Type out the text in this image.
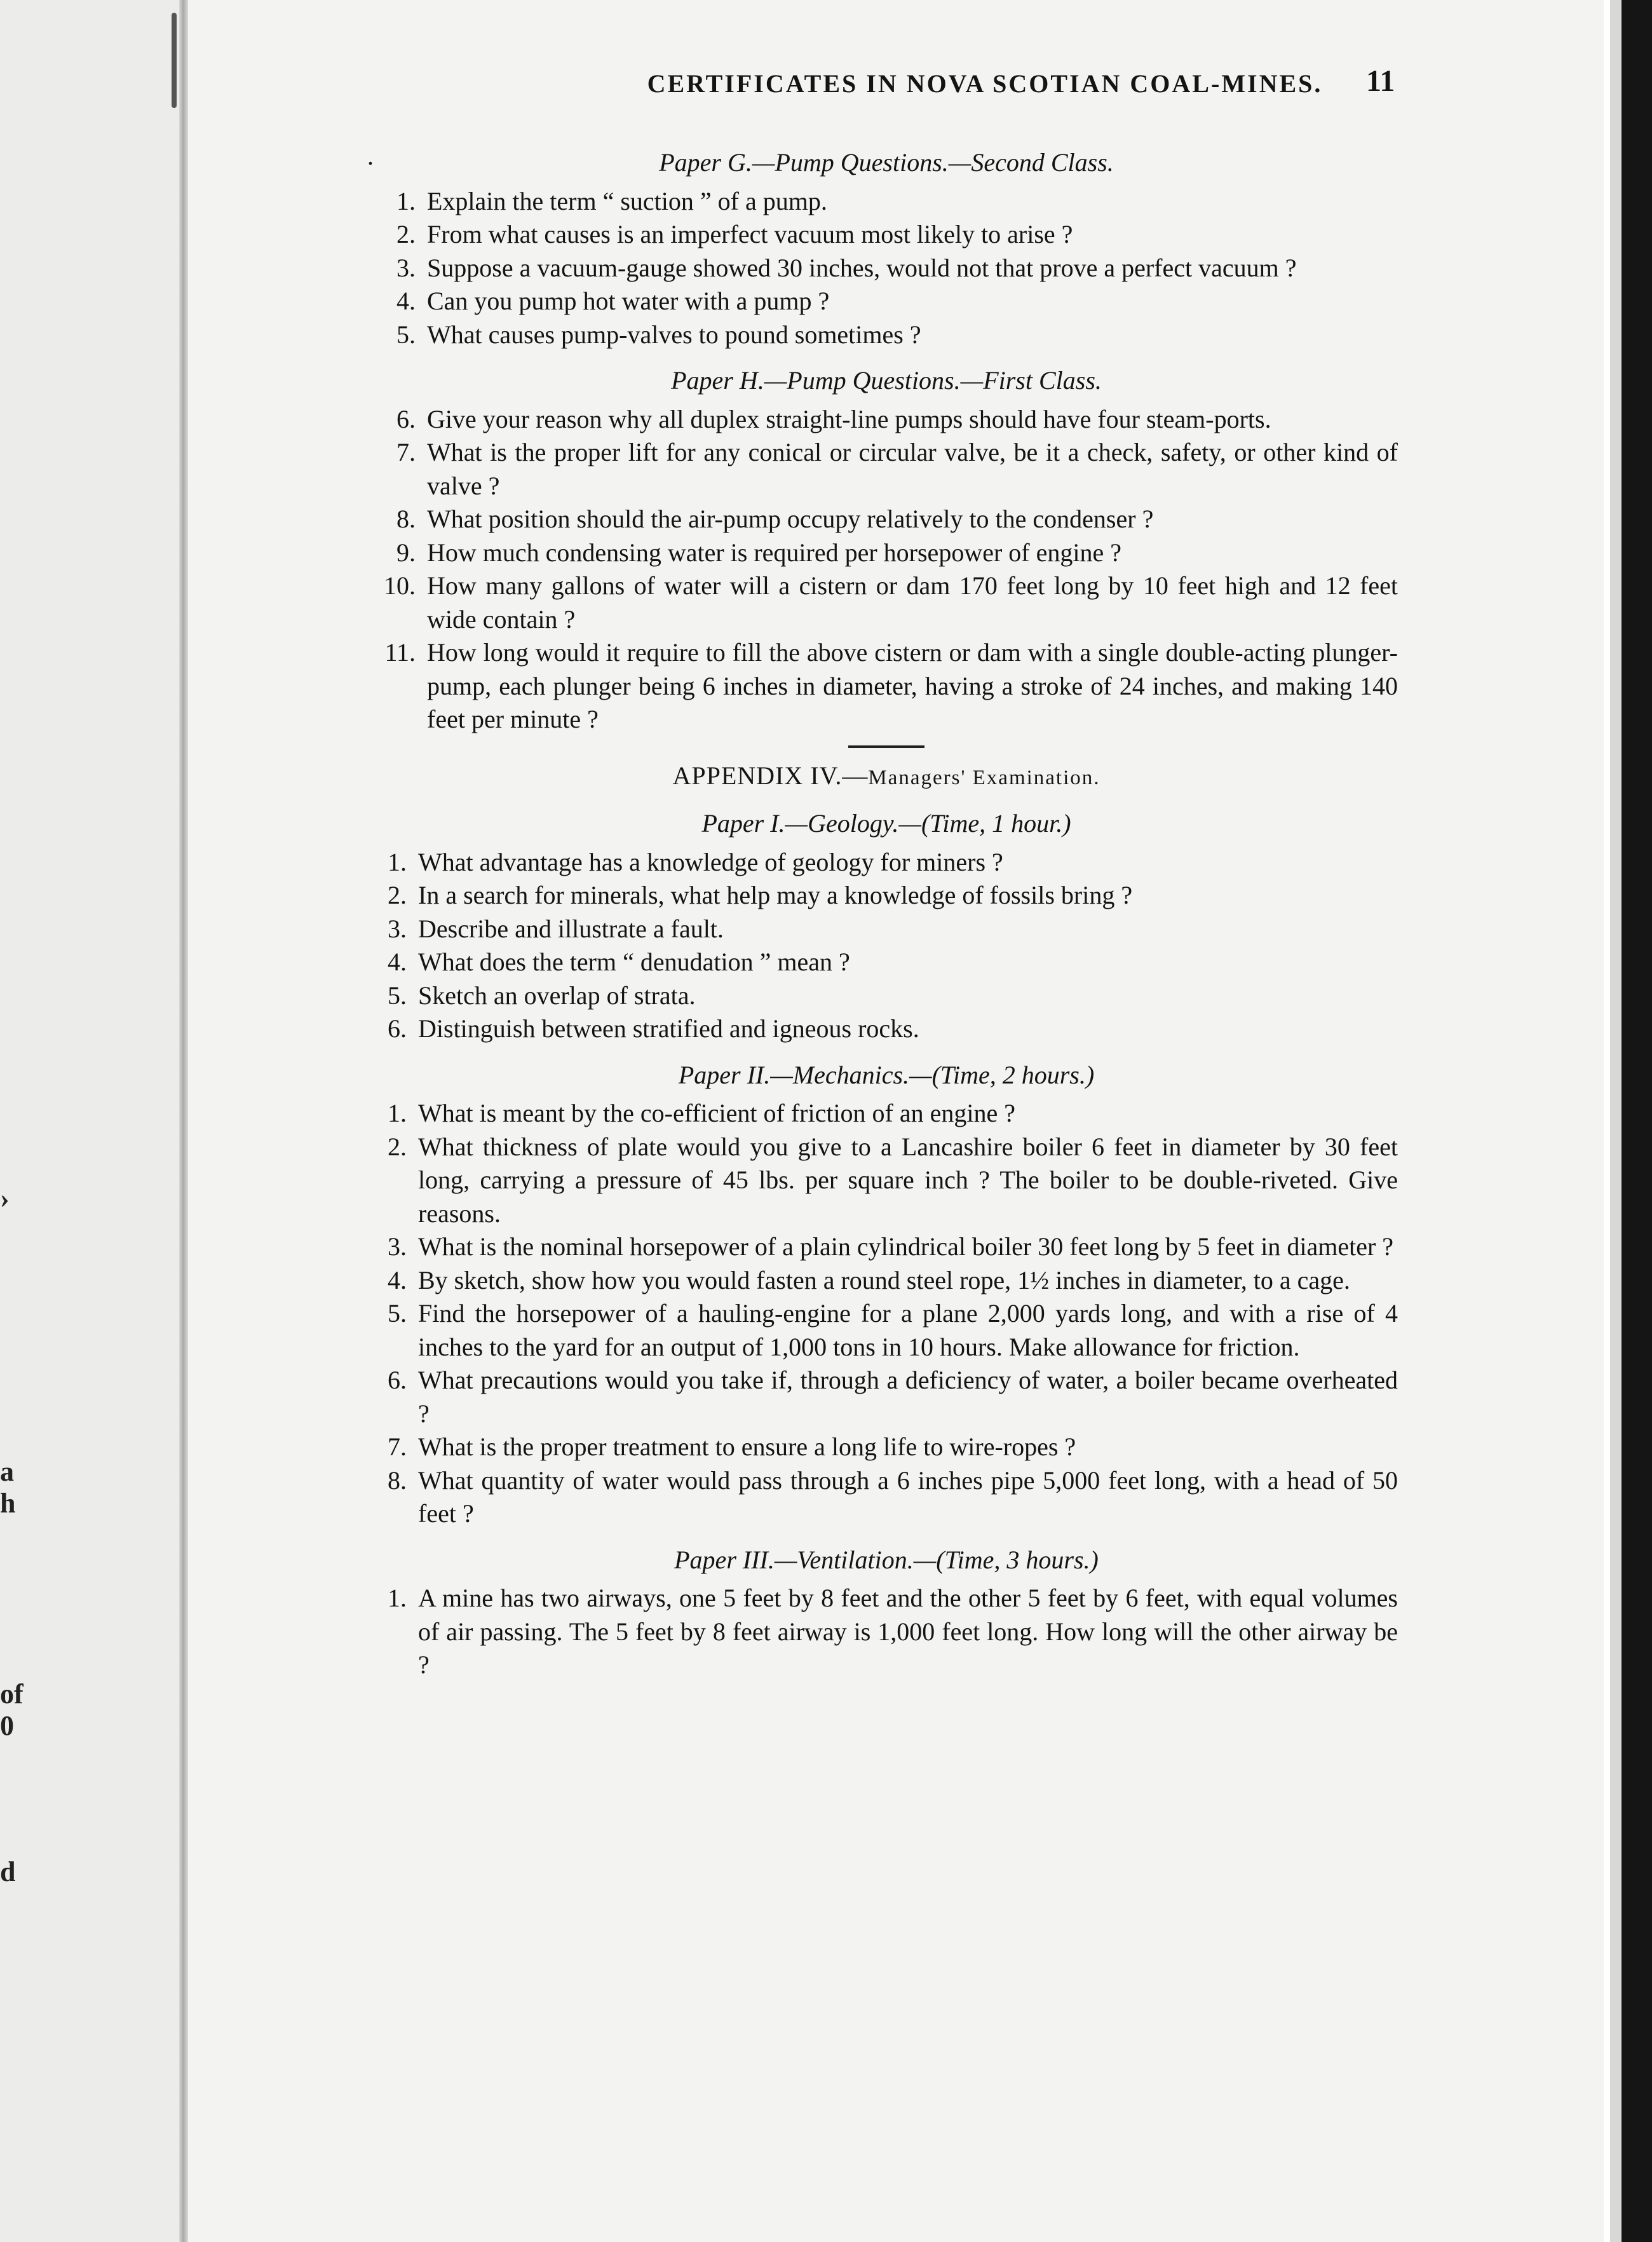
›
a
h
of
0
d
CERTIFICATES IN NOVA SCOTIAN COAL-MINES.	11
.	Paper G.—Pump Questions.—Second Class.
1. Explain the term “ suction ” of a pump.
2. From what causes is an imperfect vacuum most likely to arise ?
3. Suppose a vacuum-gauge showed 30 inches, would not that prove a perfect vacuum ?
4. Can you pump hot water with a pump ?
5. What causes pump-valves to pound sometimes ?
Paper H.—Pump Questions.—First Class.
6. Give your reason why all duplex straight-line pumps should have four steam-ports.
7. What is the proper lift for any conical or circular valve, be it a check, safety, or other kind of valve ?
8. What position should the air-pump occupy relatively to the condenser ?
9. How much condensing water is required per horsepower of engine ?
10. How many gallons of water will a cistern or dam 170 feet long by 10 feet high and 12 feet wide contain ?
11. How long would it require to fill the above cistern or dam with a single double-acting plunger-pump, each plunger being 6 inches in diameter, having a stroke of 24 inches, and making 140 feet per minute ?
APPENDIX IV.—Managers' Examination.
Paper I.—Geology.—(Time, 1 hour.)
1. What advantage has a knowledge of geology for miners ?
2. In a search for minerals, what help may a knowledge of fossils bring ?
3. Describe and illustrate a fault.
4. What does the term “ denudation ” mean ?
5. Sketch an overlap of strata.
6. Distinguish between stratified and igneous rocks.
Paper II.—Mechanics.—(Time, 2 hours.)
1. What is meant by the co-efficient of friction of an engine ?
2. What thickness of plate would you give to a Lancashire boiler 6 feet in diameter by 30 feet long, carrying a pressure of 45 lbs. per square inch ? The boiler to be double-riveted. Give reasons.
3. What is the nominal horsepower of a plain cylindrical boiler 30 feet long by 5 feet in diameter ?
4. By sketch, show how you would fasten a round steel rope, 1½ inches in diameter, to a cage.
5. Find the horsepower of a hauling-engine for a plane 2,000 yards long, and with a rise of 4 inches to the yard for an output of 1,000 tons in 10 hours. Make allowance for friction.
6. What precautions would you take if, through a deficiency of water, a boiler became overheated ?
7. What is the proper treatment to ensure a long life to wire-ropes ?
8. What quantity of water would pass through a 6 inches pipe 5,000 feet long, with a head of 50 feet ?
Paper III.—Ventilation.—(Time, 3 hours.)
1. A mine has two airways, one 5 feet by 8 feet and the other 5 feet by 6 feet, with equal volumes of air passing. The 5 feet by 8 feet airway is 1,000 feet long. How long will the other airway be ?
